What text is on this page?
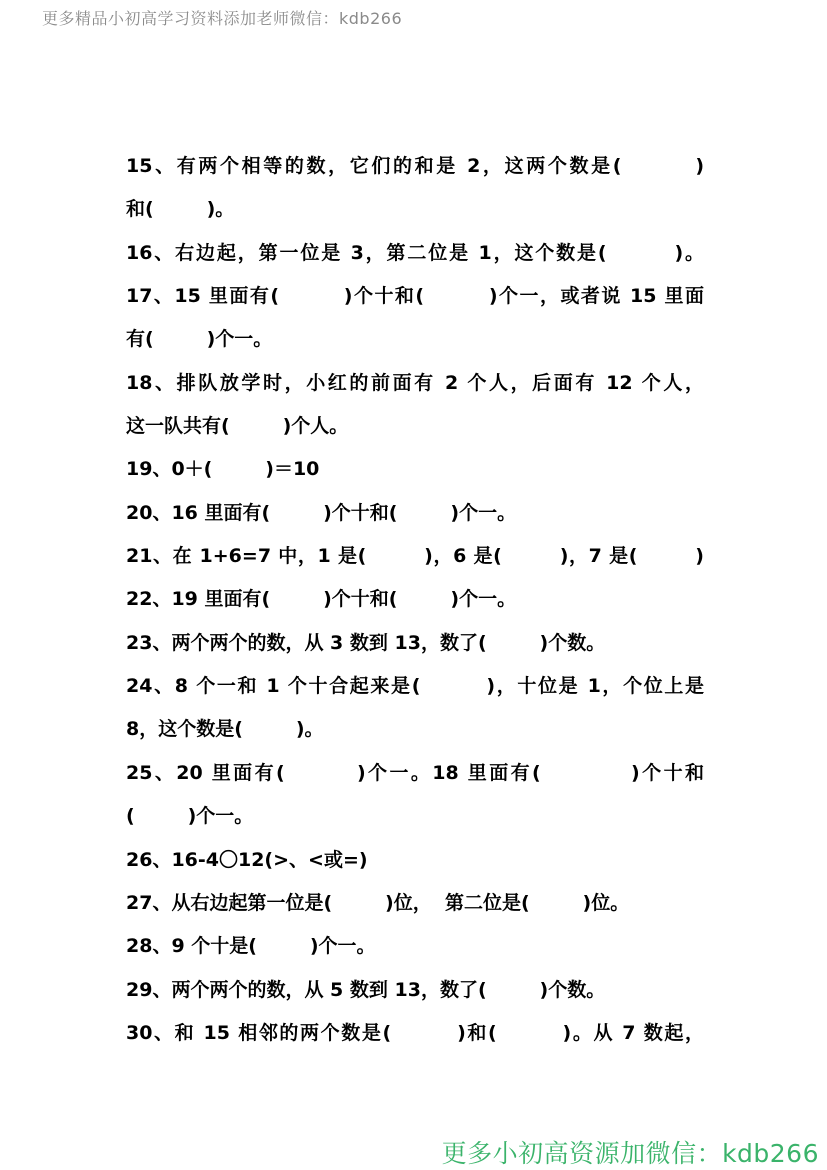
更多精品小初高学习资料添加老师微信：kdb266
15、有两个相等的数，它们的和是 2，这两个数是(        )
和(        )。
16、右边起，第一位是 3，第二位是 1，这个数是(        )。
17、15 里面有(        )个十和(        )个一，或者说 15 里面
有(        )个一。
18、排队放学时，小红的前面有 2 个人，后面有 12 个人，
这一队共有(        )个人。
19、0＋(        )＝10
20、16 里面有(        )个十和(        )个一。
21、在 1+6=7 中，1 是(        )，6 是(        )，7 是(        )
22、19 里面有(        )个十和(        )个一。
23、两个两个的数，从 3 数到 13，数了(        )个数。
24、8 个一和 1 个十合起来是(        )，十位是 1，个位上是
8，这个数是(        )。
25、20 里面有(        )个一。18 里面有(          )个十和
(        )个一。
26、16-4〇12(>、<或=)
27、从右边起第一位是(        )位，  第二位是(        )位。
28、9 个十是(        )个一。
29、两个两个的数，从 5 数到 13，数了(        )个数。
30、和 15 相邻的两个数是(        )和(        )。从 7 数起，
更多小初高资源加微信：kdb266
